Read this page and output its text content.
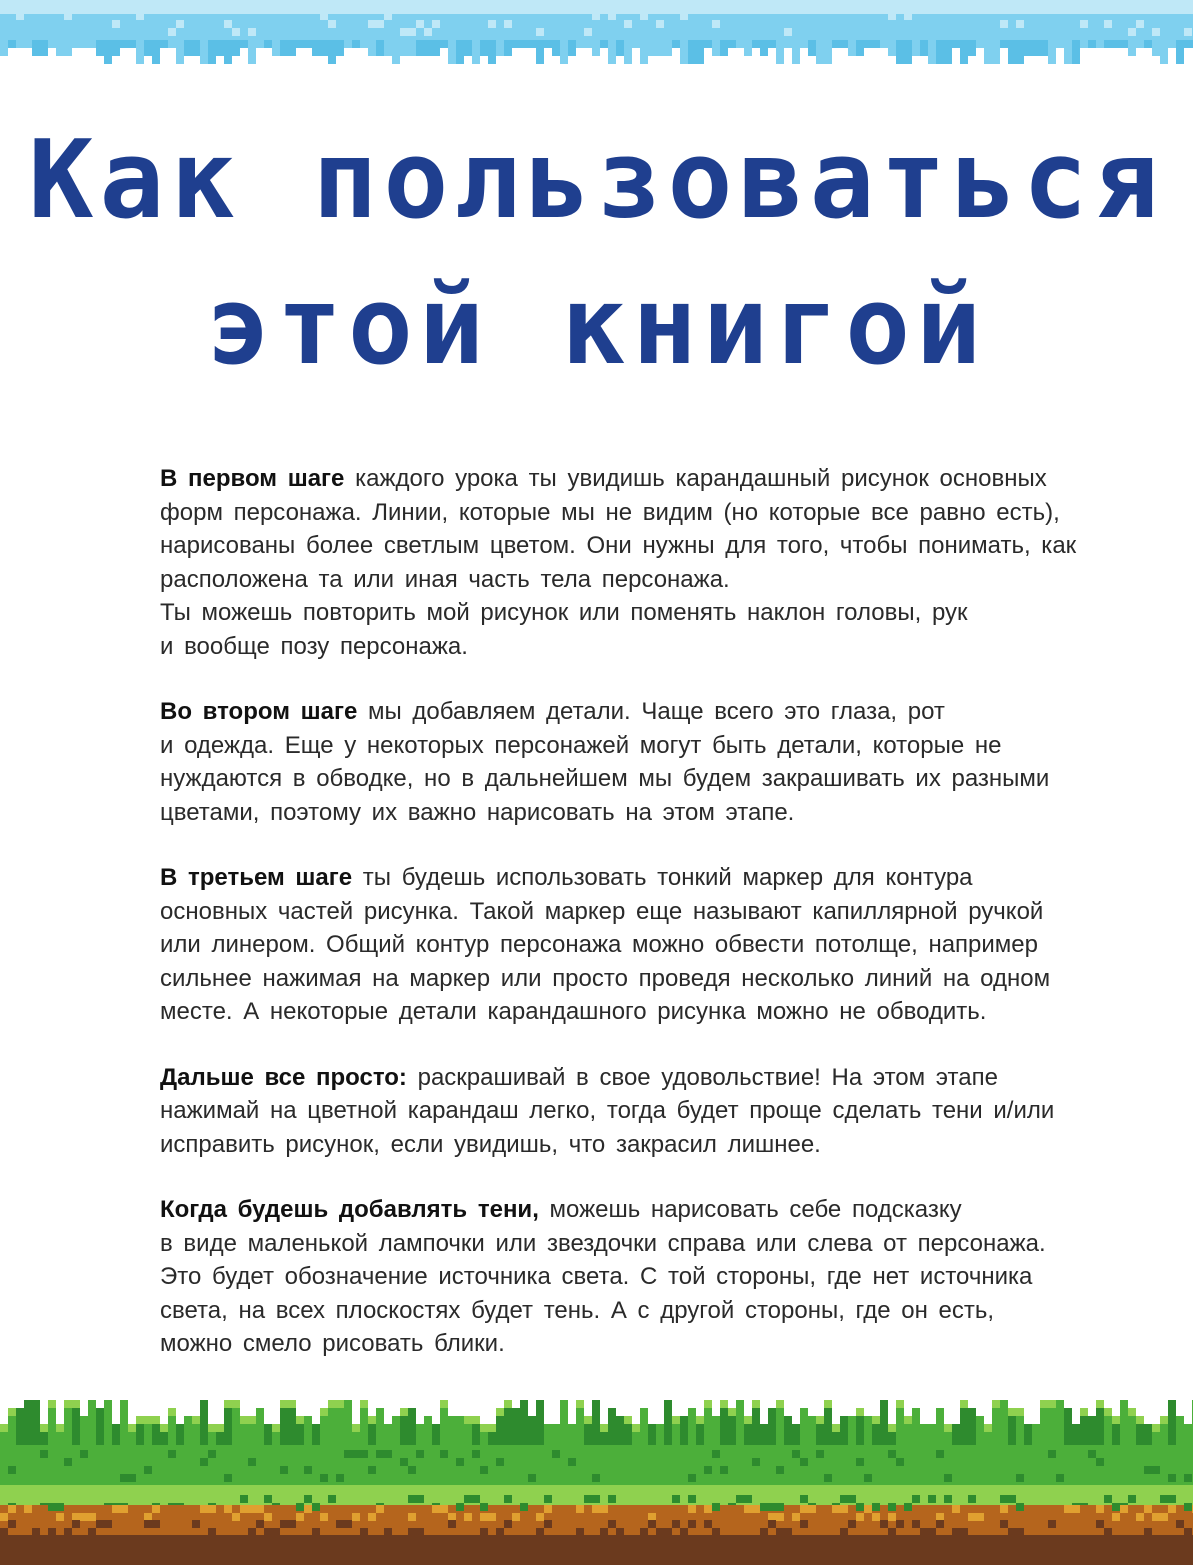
Как пользоваться
этой книгой

В первом шаге каждого урока ты увидишь карандашный рисунок основных
форм персонажа. Линии, которые мы не видим (но которые все равно есть),
нарисованы более светлым цветом. Они нужны для того, чтобы понимать, как
расположена та или иная часть тела персонажа.
Ты можешь повторить мой рисунок или поменять наклон головы, рук
и вообще позу персонажа.

Во втором шаге мы добавляем детали. Чаще всего это глаза, рот
и одежда. Еще у некоторых персонажей могут быть детали, которые не
нуждаются в обводке, но в дальнейшем мы будем закрашивать их разными
цветами, поэтому их важно нарисовать на этом этапе.

В третьем шаге ты будешь использовать тонкий маркер для контура
основных частей рисунка. Такой маркер еще называют капиллярной ручкой
или линером. Общий контур персонажа можно обвести потолще, например
сильнее нажимая на маркер или просто проведя несколько линий на одном
месте. А некоторые детали карандашного рисунка можно не обводить.

Дальше все просто: раскрашивай в свое удовольствие! На этом этапе
нажимай на цветной карандаш легко, тогда будет проще сделать тени и/или
исправить рисунок, если увидишь, что закрасил лишнее.

Когда будешь добавлять тени, можешь нарисовать себе подсказку
в виде маленькой лампочки или звездочки справа или слева от персонажа.
Это будет обозначение источника света. С той стороны, где нет источника
света, на всех плоскостях будет тень. А с другой стороны, где он есть,
можно смело рисовать блики.
